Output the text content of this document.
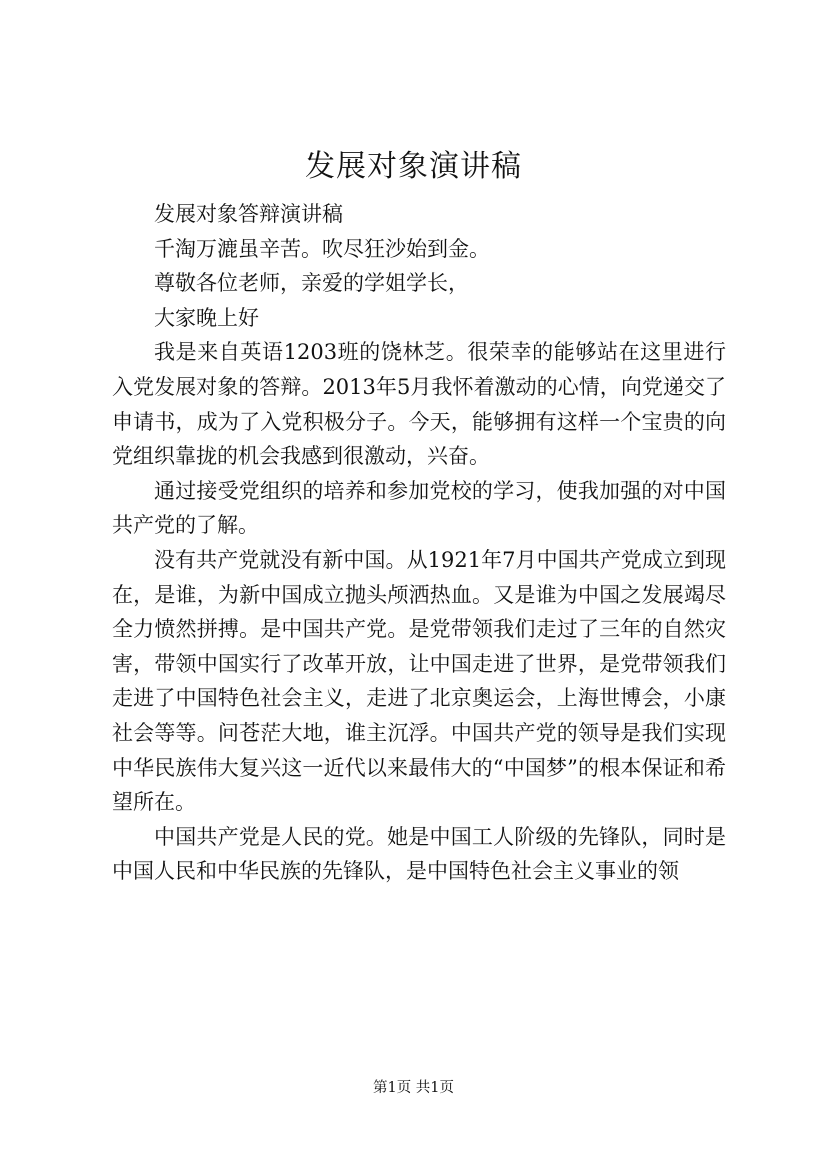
发展对象演讲稿

发展对象答辩演讲稿

千淘万漉虽辛苦。吹尽狂沙始到金。

尊敬各位老师，亲爱的学姐学长，

大家晚上好

我是来自英语1203班的饶林芝。很荣幸的能够站在这里进行入党发展对象的答辩。2013年5月我怀着激动的心情，向党递交了申请书，成为了入党积极分子。今天，能够拥有这样一个宝贵的向党组织靠拢的机会我感到很激动，兴奋。

通过接受党组织的培养和参加党校的学习，使我加强的对中国共产党的了解。

没有共产党就没有新中国。从1921年7月中国共产党成立到现在，是谁，为新中国成立抛头颅洒热血。又是谁为中国之发展竭尽全力愤然拼搏。是中国共产党。是党带领我们走过了三年的自然灾害，带领中国实行了改革开放，让中国走进了世界，是党带领我们走进了中国特色社会主义，走进了北京奥运会，上海世博会，小康社会等等。问苍茫大地，谁主沉浮。中国共产党的领导是我们实现中华民族伟大复兴这一近代以来最伟大的“中国梦”的根本保证和希望所在。

中国共产党是人民的党。她是中国工人阶级的先锋队，同时是中国人民和中华民族的先锋队，是中国特色社会主义事业的领

第1页 共1页
